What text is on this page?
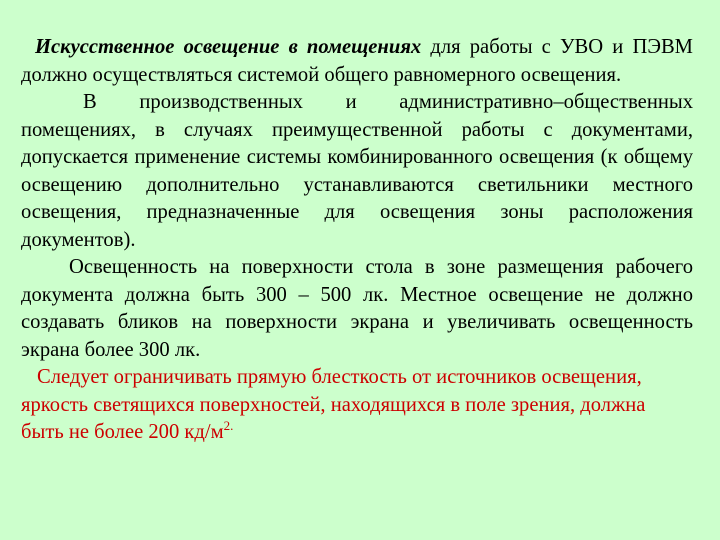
Искусственное освещение в помещениях для работы с УВО и ПЭВМ должно осуществляться системой общего равномерного освещения.

В производственных и административно–общественных помещениях, в случаях преимущественной работы с документами, допускается применение системы комбинированного освещения (к общему освещению дополнительно устанавливаются светильники местного освещения, предназначенные для освещения зоны расположения документов).

Освещенность на поверхности стола в зоне размещения рабочего документа должна быть 300 – 500 лк. Местное освещение не должно создавать бликов на поверхности экрана и увеличивать освещенность экрана более 300 лк.

Следует ограничивать прямую блесткость от источников освещения, яркость светящихся поверхностей, находящихся в поле зрения, должна быть не более 200 $кд/м^{2.}$
